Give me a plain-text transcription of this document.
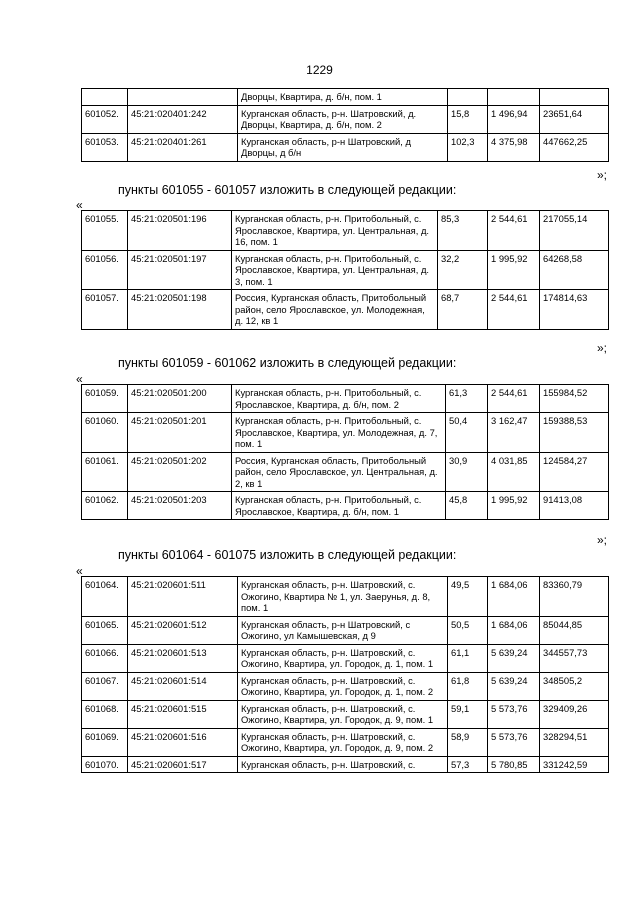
1229
		Дворцы, Квартира, д. б/н, пом. 1			
601052.	45:21:020401:242	Курганская область, р-н. Шатровский, д. Дворцы, Квартира, д. б/н, пом. 2	15,8	1 496,94	23651,64
601053.	45:21:020401:261	Курганская область, р-н Шатровский, д Дворцы, д б/н	102,3	4 375,98	447662,25
»;
пункты 601055 - 601057 изложить в следующей редакции:
«
601055.	45:21:020501:196	Курганская область, р-н. Притобольный, с. Ярославское, Квартира, ул. Центральная, д. 16, пом. 1	85,3	2 544,61	217055,14
601056.	45:21:020501:197	Курганская область, р-н. Притобольный, с. Ярославское, Квартира, ул. Центральная, д. 3, пом. 1	32,2	1 995,92	64268,58
601057.	45:21:020501:198	Россия, Курганская область, Притобольный район, село Ярославское, ул. Молодежная, д. 12, кв 1	68,7	2 544,61	174814,63
»;
пункты 601059 - 601062 изложить в следующей редакции:
«
601059.	45:21:020501:200	Курганская область, р-н. Притобольный, с. Ярославское, Квартира, д. б/н, пом. 2	61,3	2 544,61	155984,52
601060.	45:21:020501:201	Курганская область, р-н. Притобольный, с. Ярославское, Квартира, ул. Молодежная, д. 7, пом. 1	50,4	3 162,47	159388,53
601061.	45:21:020501:202	Россия, Курганская область, Притобольный район, село Ярославское, ул. Центральная, д. 2, кв 1	30,9	4 031,85	124584,27
601062.	45:21:020501:203	Курганская область, р-н. Притобольный, с. Ярославское, Квартира, д. б/н, пом. 1	45,8	1 995,92	91413,08
»;
пункты 601064 - 601075 изложить в следующей редакции:
«
601064.	45:21:020601:511	Курганская область, р-н. Шатровский, с. Ожогино, Квартира № 1, ул. Заерунья, д. 8, пом. 1	49,5	1 684,06	83360,79
601065.	45:21:020601:512	Курганская область, р-н Шатровский, с Ожогино, ул Камышевская, д 9	50,5	1 684,06	85044,85
601066.	45:21:020601:513	Курганская область, р-н. Шатровский, с. Ожогино, Квартира, ул. Городок, д. 1, пом. 1	61,1	5 639,24	344557,73
601067.	45:21:020601:514	Курганская область, р-н. Шатровский, с. Ожогино, Квартира, ул. Городок, д. 1, пом. 2	61,8	5 639,24	348505,2
601068.	45:21:020601:515	Курганская область, р-н. Шатровский, с. Ожогино, Квартира, ул. Городок, д. 9, пом. 1	59,1	5 573,76	329409,26
601069.	45:21:020601:516	Курганская область, р-н. Шатровский, с. Ожогино, Квартира, ул. Городок, д. 9, пом. 2	58,9	5 573,76	328294,51
601070.	45:21:020601:517	Курганская область, р-н. Шатровский, с.	57,3	5 780,85	331242,59
